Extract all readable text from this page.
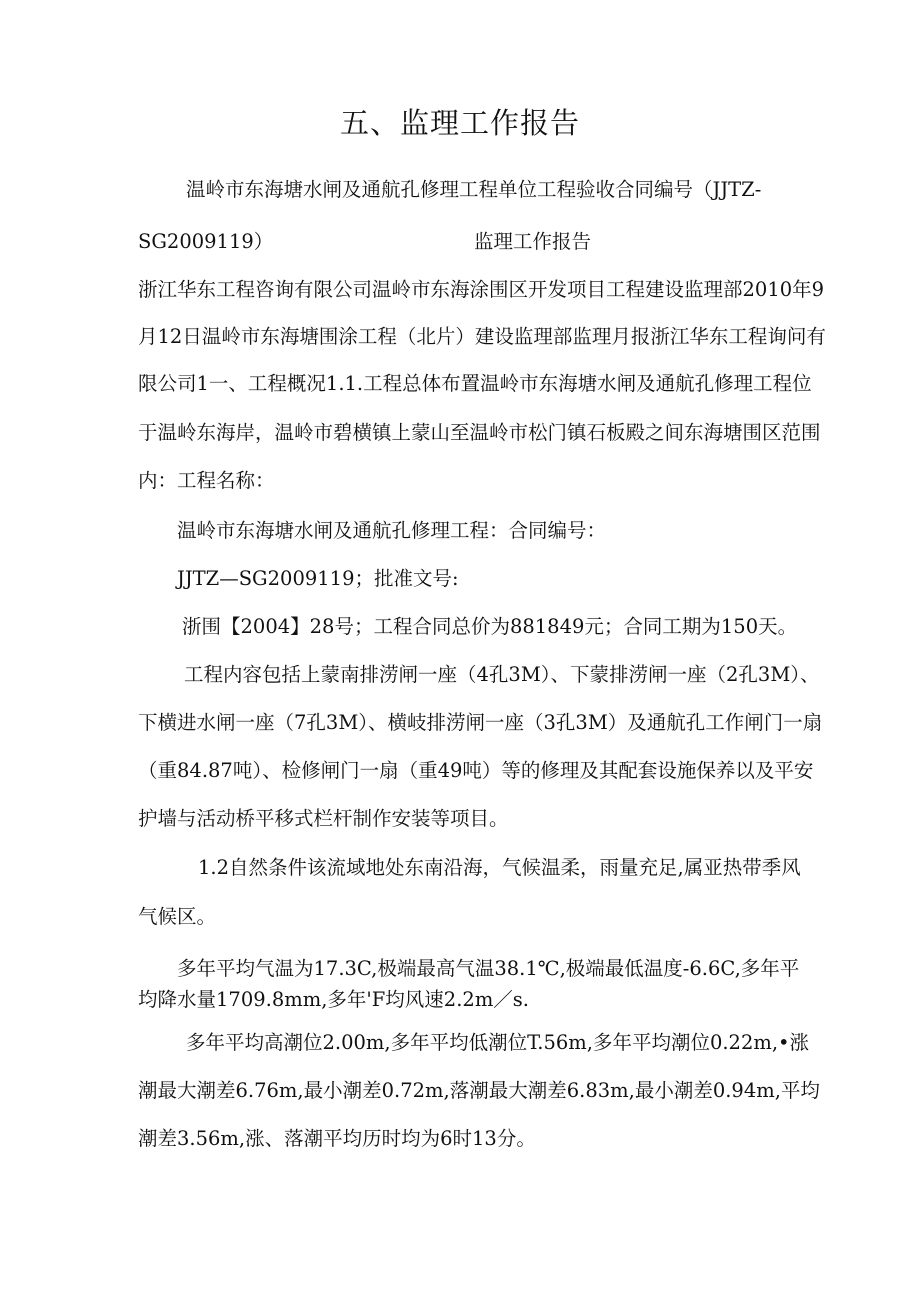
五、监理工作报告
温岭市东海塘水闸及通航孔修理工程单位工程验收合同编号（JJTZ-
SG2009119）	监理工作报告
浙江华东工程咨询有限公司温岭市东海涂围区开发项目工程建设监理部2010年9
月12日温岭市东海塘围涂工程（北片）建设监理部监理月报浙江华东工程询问有
限公司1一、工程概况1.1.工程总体布置温岭市东海塘水闸及通航孔修理工程位
于温岭东海岸，温岭市碧横镇上蒙山至温岭市松门镇石板殿之间东海塘围区范围
内：工程名称：
温岭市东海塘水闸及通航孔修理工程：合同编号：
JJTZ—SG2009119；批准文号:
浙围【2004】28号；工程合同总价为881849元；合同工期为150天。
工程内容包括上蒙南排涝闸一座（4孔3M）、下蒙排涝闸一座（2孔3M）、
下横进水闸一座（7孔3M）、横岐排涝闸一座（3孔3M）及通航孔工作闸门一扇
（重84.87吨）、检修闸门一扇（重49吨）等的修理及其配套设施保养以及平安
护墙与活动桥平移式栏杆制作安装等项目。
1.2自然条件该流域地处东南沿海，气候温柔，雨量充足,属亚热带季风
气候区。
多年平均气温为17.3C,极端最高气温38.1℃,极端最低温度-6.6C,多年平
均降水量1709.8mm,多年'F均风速2.2m／s.
多年平均高潮位2.00m,多年平均低潮位T.56m,多年平均潮位0.22m,•涨
潮最大潮差6.76m,最小潮差0.72m,落潮最大潮差6.83m,最小潮差0.94m,平均
潮差3.56m,涨、落潮平均历时均为6时13分。
